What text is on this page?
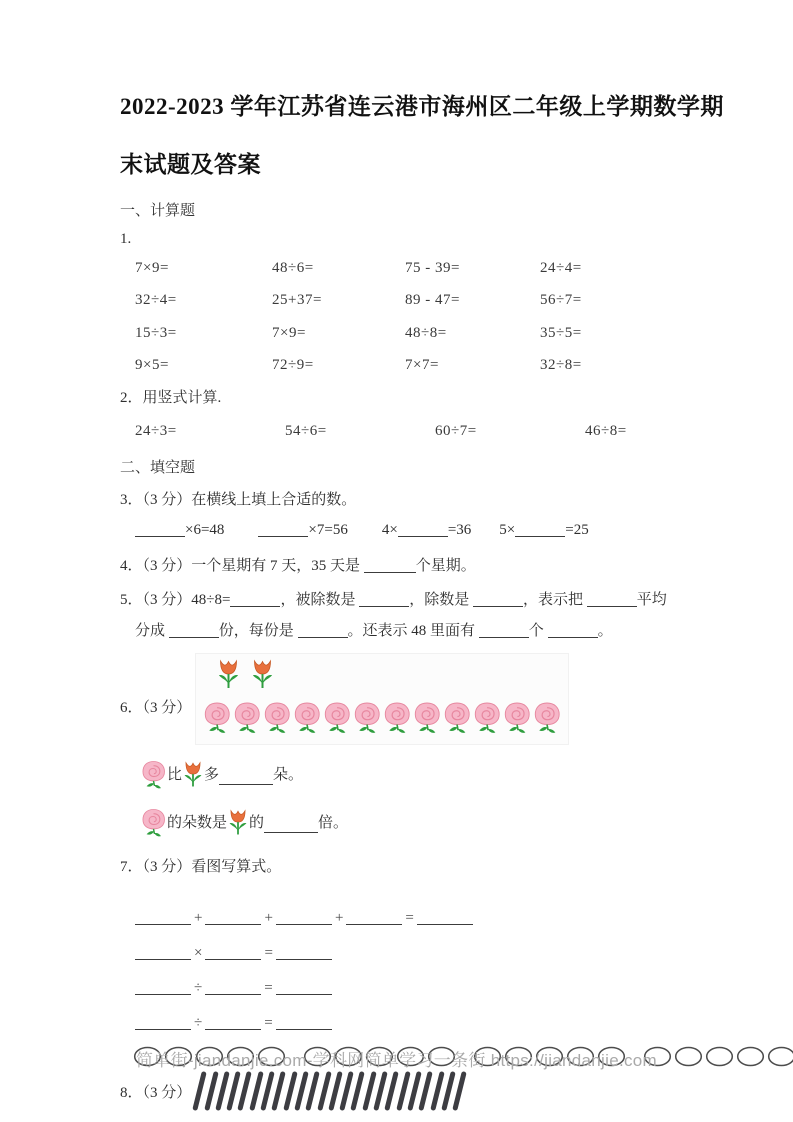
2022-2023 学年江苏省连云港市海州区二年级上学期数学期
末试题及答案
一、计算题
1.
7×9=	48÷6=	75 - 39=	24÷4=
32÷4=	25+37=	89 - 47=	56÷7=
15÷3=	7×9=	48÷8=	35÷5=
9×5=	72÷9=	7×7=	32÷8=
2．用竖式计算.
24÷3=	54÷6=	60÷7=	46÷8=
二、填空题
3．（3 分）在横线上填上合适的数。
×6=48	×7=56 4×	=36 5×	=25
4．（3 分）一个星期有 7 天，35 天是	个星期。
5．（3 分）48÷8=	，被除数是	，除数是	，表示把	平均
分成	份，每份是	。还表示 48 里面有	个	。
6．（3 分）
比 多	朵。
的朵数是 的	倍。
7．（3 分）看图写算式。
+	+	+	=
×	=
÷	=
÷	=
8．（3 分）
简单街-jiandanjie.com-学科网简单学习一条街 https://jiandanjie.com
